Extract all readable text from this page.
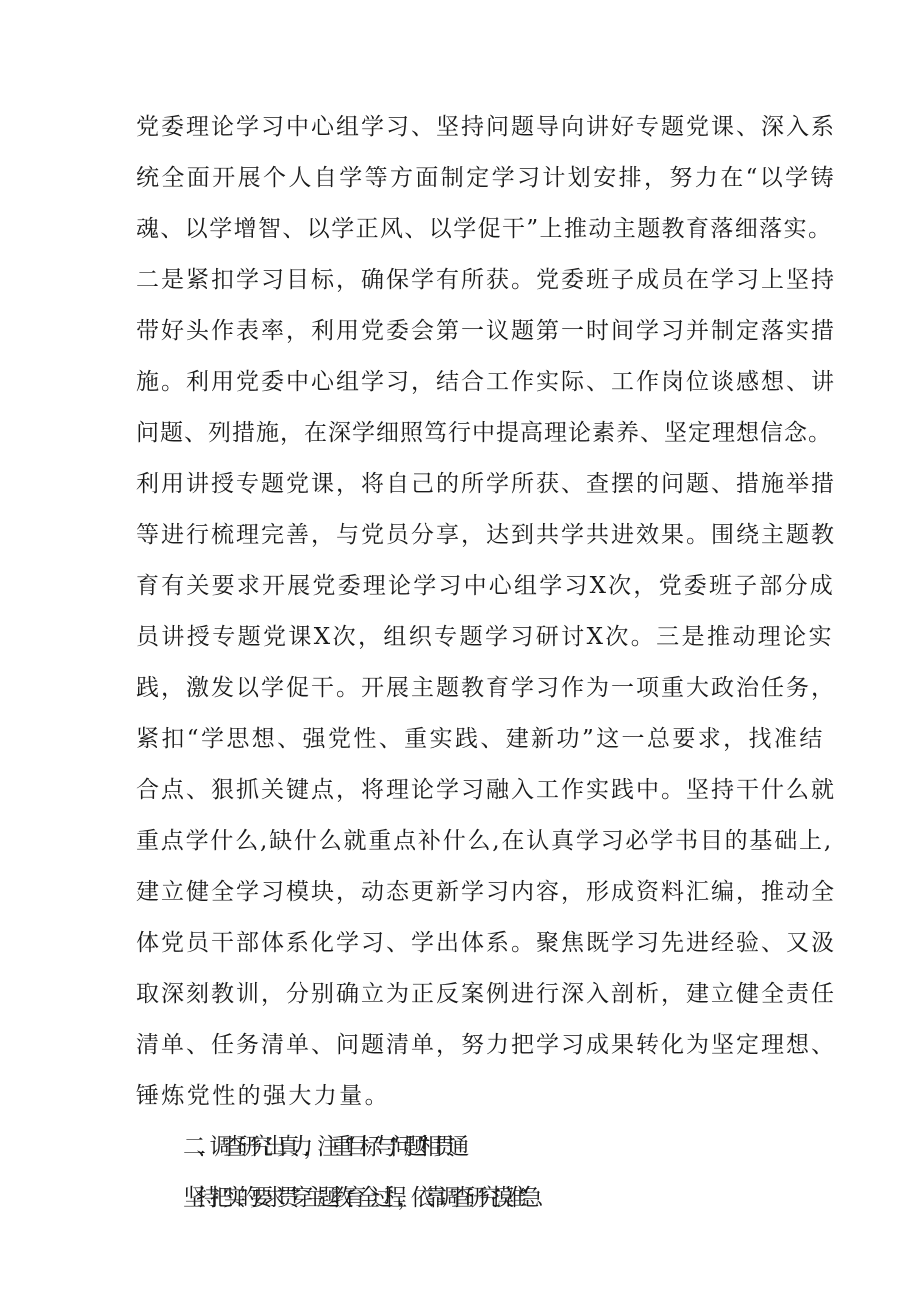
党委理论学习中心组学习、坚持问题导向讲好专题党课、深入系
统全面开展个人自学等方面制定学习计划安排，努力在“以学铸
魂、以学增智、以学正风、以学促干”上推动主题教育落细落实。
二是紧扣学习目标，确保学有所获。党委班子成员在学习上坚持
带好头作表率，利用党委会第一议题第一时间学习并制定落实措
施。利用党委中心组学习，结合工作实际、工作岗位谈感想、讲
问题、列措施，在深学细照笃行中提高理论素养、坚定理想信念。
利用讲授专题党课，将自己的所学所获、查摆的问题、措施举措
等进行梳理完善，与党员分享，达到共学共进效果。围绕主题教
育有关要求开展党委理论学习中心组学习X次，党委班子部分成
员讲授专题党课X次，组织专题学习研讨X次。三是推动理论实
践，激发以学促干。开展主题教育学习作为一项重大政治任务，
紧扣“学思想、强党性、重实践、建新功”这一总要求，找准结
合点、狠抓关键点，将理论学习融入工作实践中。坚持干什么就
重点学什么,缺什么就重点补什么,在认真学习必学书目的基础上,
建立健全学习模块，动态更新学习内容，形成资料汇编，推动全
体党员干部体系化学习、学出体系。聚焦既学习先进经验、又汲
取深刻教训，分别确立为正反案例进行深入剖析，建立健全责任
清单、任务清单、问题清单，努力把学习成果转化为坚定理想、
锤炼党性的强大力量。
二、调查研究出真力，注重“目标”与“问题”相贯通
坚持把实的要求贯穿主题教育全过程，依靠调查研究摸准“急
